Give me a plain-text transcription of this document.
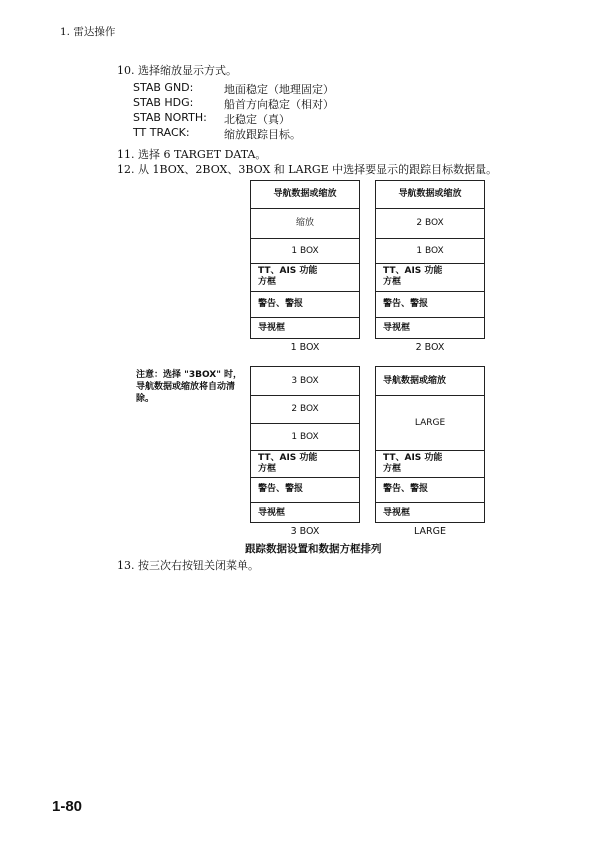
1. 雷达操作
10. 选择缩放显示方式。
STAB GND:	地面稳定（地理固定）
STAB HDG:	船首方向稳定（相对）
STAB NORTH: 北稳定（真）
TT TRACK:	缩放跟踪目标。
11. 选择 6 TARGET DATA。
12. 从 1BOX、2BOX、3BOX 和 LARGE 中选择要显示的跟踪目标数据量。
导航数据或缩放
缩放
1 BOX
TT、AIS 功能
方框
警告、警报
导视框
1 BOX
导航数据或缩放
2 BOX
1 BOX
TT、AIS 功能
方框
警告、警报
导视框
2 BOX
注意：选择 "3BOX" 时，导航数据或缩放将自动清除。
3 BOX
2 BOX
1 BOX
TT、AIS 功能
方框
警告、警报
导视框
3 BOX
导航数据或缩放
LARGE
TT、AIS 功能
方框
警告、警报
导视框
LARGE
跟踪数据设置和数据方框排列
13. 按三次右按钮关闭菜单。
1-80
